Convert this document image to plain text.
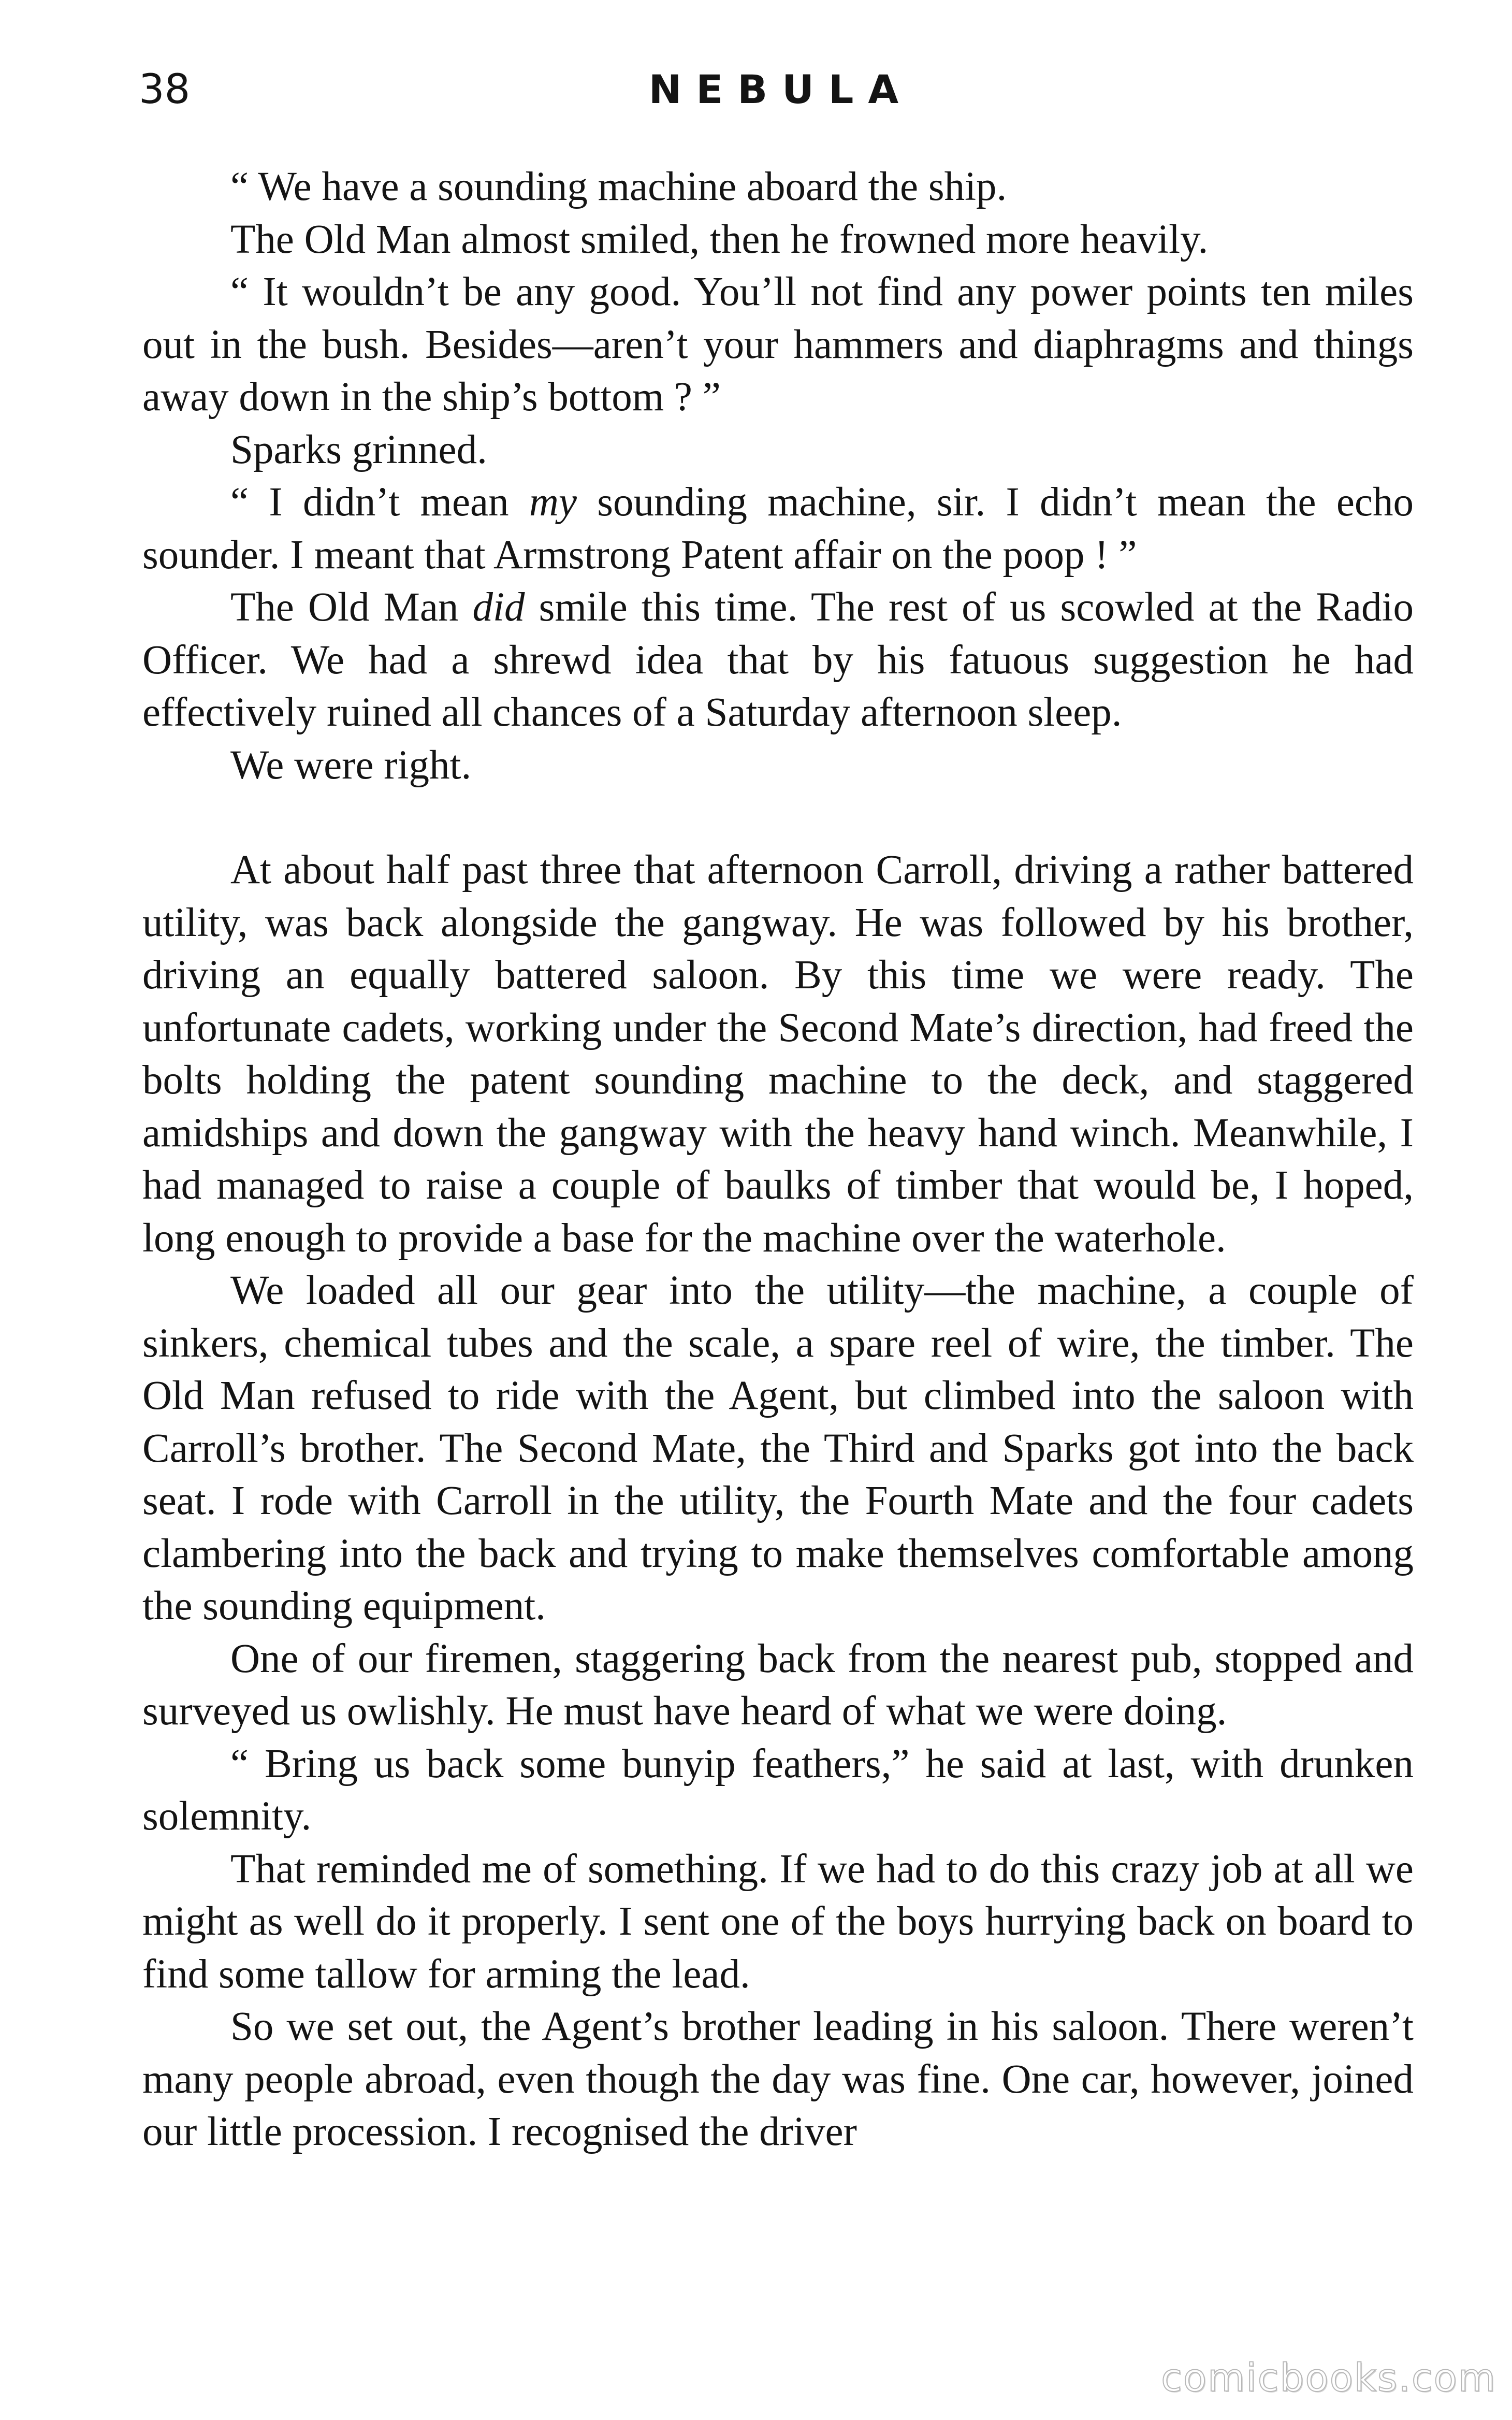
38	NEBULA

“ We have a sounding machine aboard the ship.

The Old Man almost smiled, then he frowned more heavily.

“ It wouldn’t be any good. You’ll not find any power points ten miles out in the bush. Besides—aren’t your hammers and diaphragms and things away down in the ship’s bottom ? ”

Sparks grinned.

“ I didn’t mean my sounding machine, sir. I didn’t mean the echo sounder. I meant that Armstrong Patent affair on the poop ! ”

The Old Man did smile this time. The rest of us scowled at the Radio Officer. We had a shrewd idea that by his fatuous suggestion he had effectively ruined all chances of a Saturday afternoon sleep.

We were right.

At about half past three that afternoon Carroll, driving a rather battered utility, was back alongside the gangway. He was followed by his brother, driving an equally battered saloon. By this time we were ready. The unfortunate cadets, working under the Second Mate’s direction, had freed the bolts holding the patent sounding machine to the deck, and staggered amidships and down the gangway with the heavy hand winch. Meanwhile, I had managed to raise a couple of baulks of timber that would be, I hoped, long enough to provide a base for the machine over the waterhole.

We loaded all our gear into the utility—the machine, a couple of sinkers, chemical tubes and the scale, a spare reel of wire, the timber. The Old Man refused to ride with the Agent, but climbed into the saloon with Carroll’s brother. The Second Mate, the Third and Sparks got into the back seat. I rode with Carroll in the utility, the Fourth Mate and the four cadets clambering into the back and trying to make themselves comfortable among the sounding equipment.

One of our firemen, staggering back from the nearest pub, stopped and surveyed us owlishly. He must have heard of what we were doing.

“ Bring us back some bunyip feathers,” he said at last, with drunken solemnity.

That reminded me of something. If we had to do this crazy job at all we might as well do it properly. I sent one of the boys hurrying back on board to find some tallow for arming the lead.

So we set out, the Agent’s brother leading in his saloon. There weren’t many people abroad, even though the day was fine. One car, however, joined our little procession. I recognised the driver

comicbooks.com
